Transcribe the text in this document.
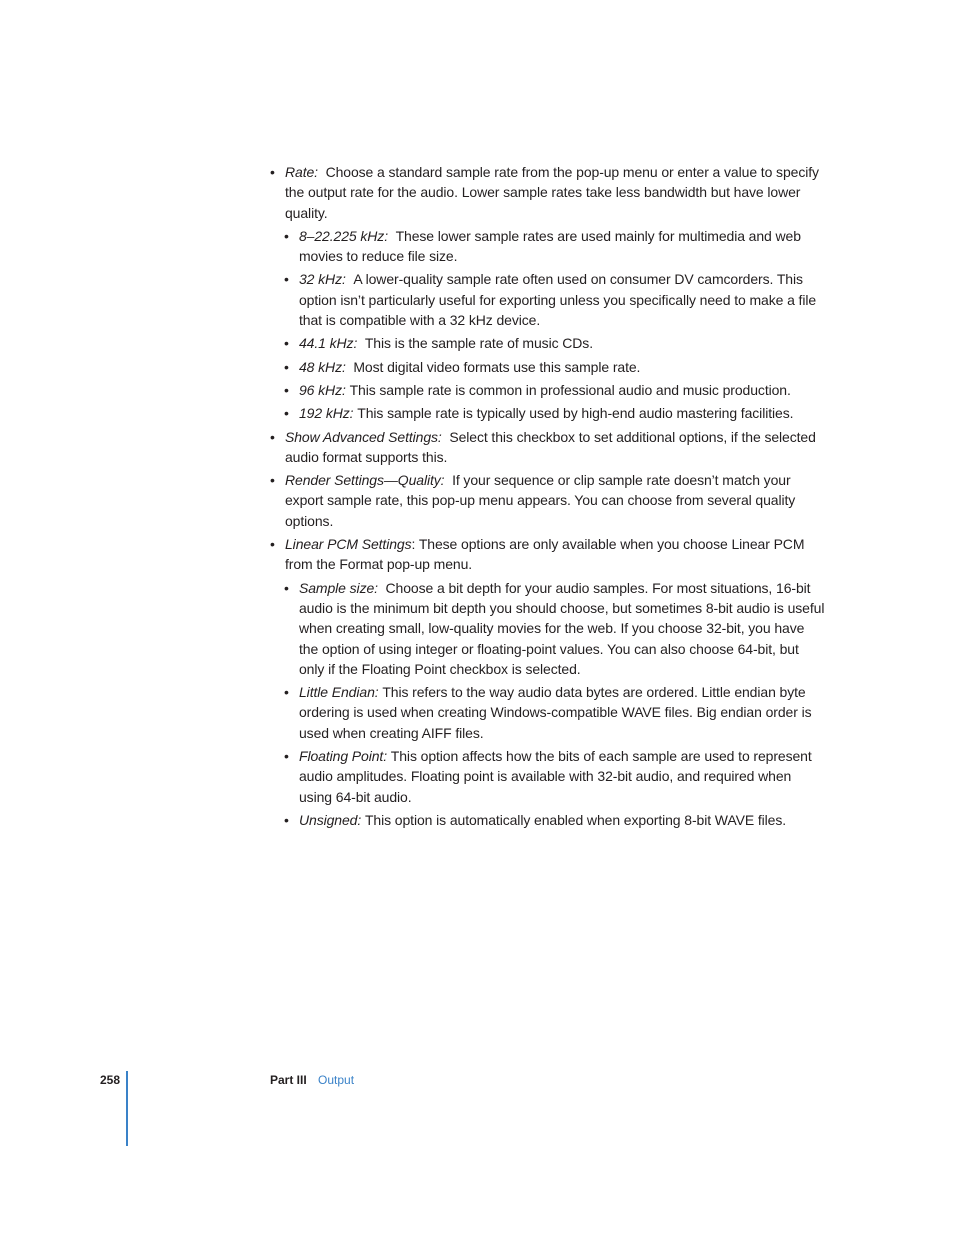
• Rate: Choose a standard sample rate from the pop-up menu or enter a value to specify the output rate for the audio. Lower sample rates take less bandwidth but have lower quality.
• 8–22.225 kHz: These lower sample rates are used mainly for multimedia and web movies to reduce file size.
• 32 kHz: A lower-quality sample rate often used on consumer DV camcorders. This option isn’t particularly useful for exporting unless you specifically need to make a file that is compatible with a 32 kHz device.
• 44.1 kHz: This is the sample rate of music CDs.
• 48 kHz: Most digital video formats use this sample rate.
• 96 kHz: This sample rate is common in professional audio and music production.
• 192 kHz: This sample rate is typically used by high-end audio mastering facilities.
• Show Advanced Settings: Select this checkbox to set additional options, if the selected audio format supports this.
• Render Settings—Quality: If your sequence or clip sample rate doesn’t match your export sample rate, this pop-up menu appears. You can choose from several quality options.
• Linear PCM Settings: These options are only available when you choose Linear PCM from the Format pop-up menu.
• Sample size: Choose a bit depth for your audio samples. For most situations, 16-bit audio is the minimum bit depth you should choose, but sometimes 8-bit audio is useful when creating small, low-quality movies for the web. If you choose 32-bit, you have the option of using integer or floating-point values. You can also choose 64-bit, but only if the Floating Point checkbox is selected.
• Little Endian: This refers to the way audio data bytes are ordered. Little endian byte ordering is used when creating Windows-compatible WAVE files. Big endian order is used when creating AIFF files.
• Floating Point: This option affects how the bits of each sample are used to represent audio amplitudes. Floating point is available with 32-bit audio, and required when using 64-bit audio.
• Unsigned: This option is automatically enabled when exporting 8-bit WAVE files.
258	Part III Output
